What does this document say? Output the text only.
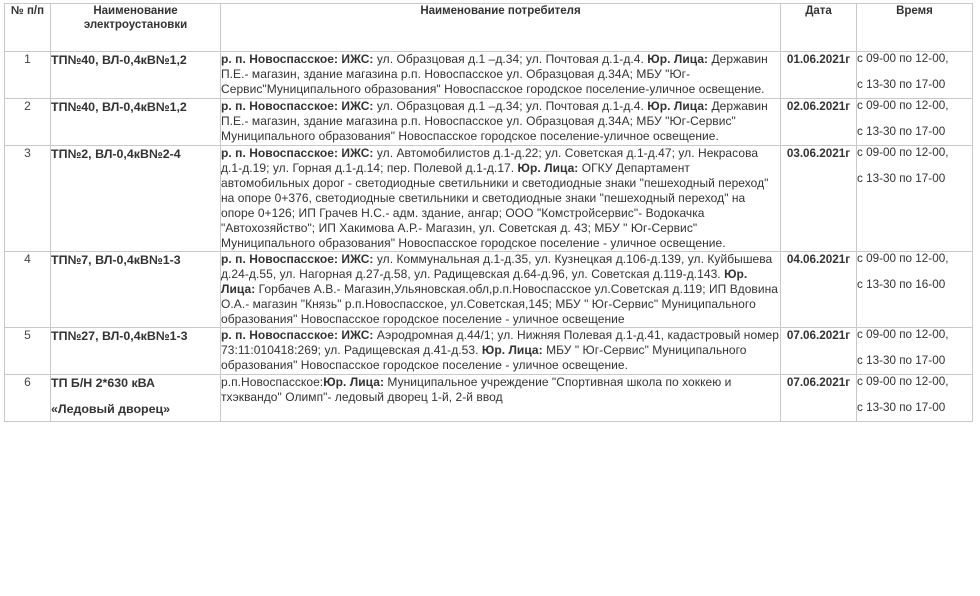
№ п/п	Наименование электроустановки	Наименование потребителя	Дата	Время
1	ТП№40, ВЛ-0,4кВ№1,2	р. п. Новоспасское: ИЖС: ул. Образцовая д.1 –д.34; ул. Почтовая д.1-д.4. Юр. Лица: Державин П.Е.- магазин, здание магазина р.п. Новоспасское ул. Образцовая д.34А; МБУ "Юг-Сервис"Муниципального образования" Новоспасское городское поселение-уличное освещение.	01.06.2021г	с 09-00 по 12-00,
с 13-30 по 17-00

2	ТП№40, ВЛ-0,4кВ№1,2	р. п. Новоспасское: ИЖС: ул. Образцовая д.1 –д.34; ул. Почтовая д.1-д.4. Юр. Лица: Державин П.Е.- магазин, здание магазина р.п. Новоспасское ул. Образцовая д.34А; МБУ "Юг-Сервис" Муниципального образования" Новоспасское городское поселение-уличное освещение.	02.06.2021г	с 09-00 по 12-00,
с 13-30 по 17-00

3	ТП№2, ВЛ-0,4кВ№2-4	р. п. Новоспасское: ИЖС: ул. Автомобилистов д.1-д.22; ул. Советская д.1-д.47; ул. Некрасова д.1-д.19; ул. Горная д.1-д.14; пер. Полевой д.1-д.17. Юр. Лица: ОГКУ Департамент автомобильных дорог - светодиодные светильники и светодиодные знаки "пешеходный переход" на опоре 0+376, светодиодные светильники и светодиодные знаки "пешеходный переход" на опоре 0+126; ИП Грачев Н.С.- адм. здание, ангар; ООО "Комстройсервис"- Водокачка "Автохозяйство"; ИП Хакимова А.Р.- Магазин, ул. Советская д. 43; МБУ " Юг-Сервис" Муниципального образования" Новоспасское городское поселение - уличное освещение.	03.06.2021г	с 09-00 по 12-00,
с 13-30 по 17-00

4	ТП№7, ВЛ-0,4кВ№1-3	р. п. Новоспасское: ИЖС: ул. Коммунальная д.1-д.35, ул. Кузнецкая д.106-д.139, ул. Куйбышева д.24-д.55, ул. Нагорная д.27-д.58, ул. Радищевская д.64-д.96, ул. Советская д.119-д.143. Юр. Лица: Горбачев А.В.- Магазин,Ульяновская.обл,р.п.Новоспасское ул.Советская д.119; ИП Вдовина О.А.- магазин "Князь" р.п.Новоспасское, ул.Советская,145; МБУ " Юг-Сервис" Муниципального образования" Новоспасское городское поселение - уличное освещение	04.06.2021г	с 09-00 по 12-00,
с 13-30 по 16-00

5	ТП№27, ВЛ-0,4кВ№1-3	р. п. Новоспасское: ИЖС: Аэродромная д.44/1; ул. Нижняя Полевая д.1-д.41, кадастровый номер 73:11:010418:269; ул. Радищевская д.41-д.53. Юр. Лица: МБУ " Юг-Сервис" Муниципального образования" Новоспасское городское поселение - уличное освещение.	07.06.2021г	с 09-00 по 12-00,
с 13-30 по 17-00

6	ТП Б/Н 2*630 кВА
«Ледовый дворец»	р.п.Новоспасское:Юр. Лица: Муниципальное учреждение "Спортивная школа по хоккею и тхэквандо" Олимп"- ледовый дворец 1-й, 2-й ввод	07.06.2021г	с 09-00 по 12-00,
с 13-30 по 17-00
